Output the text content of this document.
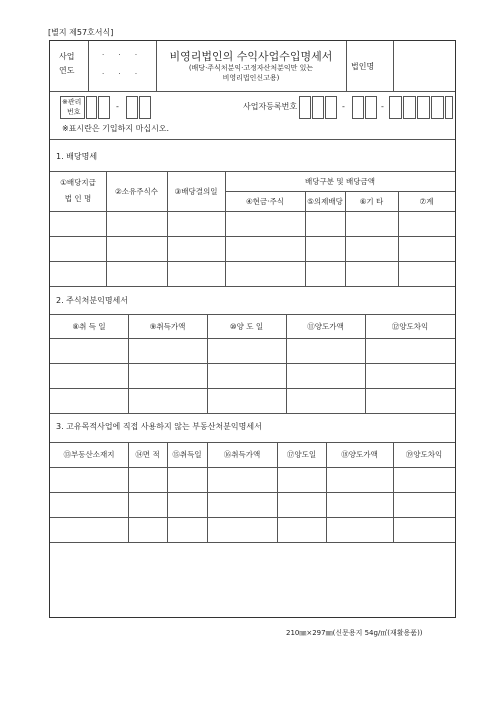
[별지 제57호서식]
사업
연도
. . .
. . .
비영리법인의 수익사업수입명세서
(배당·주식처분익·고정자산처분익만 있는
비영리법인신고용)
법인명
※관리
번호
-	사업자등록번호	-	-
※표시란은 기입하지 마십시오.
1. 배당명세
①배당지급
법 인 명
②소유주식수 ③배당결의일
배당구분 및 배당금액
④현금·주식	⑤의제배당 ⑥기 타	⑦계
2. 주식처분익명세서
⑧취 득 일	⑨취득가액	⑩양 도 일	⑪양도가액	⑫양도차익
3. 고유목적사업에 직접 사용하지 않는 부동산처분익명세서
⑬부동산소재지	⑭면 적 ⑮취득일	⑯취득가액	⑰양도일	⑱양도가액	⑲양도차익
210㎜×297㎜(신문용지 54g/㎡(재활용품))
